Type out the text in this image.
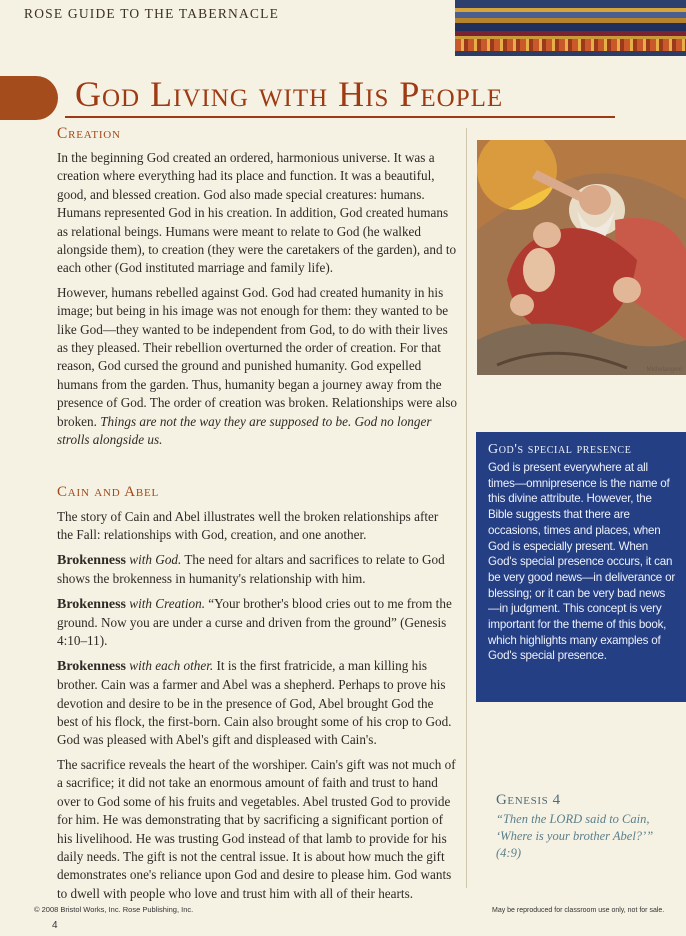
ROSE GUIDE TO THE TABERNACLE
God Living with His People
Creation

In the beginning God created an ordered, harmonious universe. It was a creation where everything had its place and function. It was a beautiful, good, and blessed creation. God also made special creatures: humans. Humans represented God in his creation. In addition, God created humans as relational beings. Humans were meant to relate to God (he walked alongside them), to creation (they were the caretakers of the garden), and to each other (God instituted marriage and family life).

However, humans rebelled against God. God had created humanity in his image; but being in his image was not enough for them: they wanted to be like God—they wanted to be independent from God, to do with their lives as they pleased. Their rebellion overturned the order of creation. For that reason, God cursed the ground and punished humanity. God expelled humans from the garden. Thus, humanity began a journey away from the presence of God. The order of creation was broken. Relationships were also broken. Things are not the way they are supposed to be. God no longer strolls alongside us.

Cain and Abel

The story of Cain and Abel illustrates well the broken relationships after the Fall: relationships with God, creation, and one another.

Brokenness with God. The need for altars and sacrifices to relate to God shows the brokenness in humanity's relationship with him.

Brokenness with Creation. “Your brother's blood cries out to me from the ground. Now you are under a curse and driven from the ground” (Genesis 4:10–11).

Brokenness with each other. It is the first fratricide, a man killing his brother. Cain was a farmer and Abel was a shepherd. Perhaps to prove his devotion and desire to be in the presence of God, Abel brought God the best of his flock, the first-born. Cain also brought some of his crop to God. God was pleased with Abel's gift and displeased with Cain's.

The sacrifice reveals the heart of the worshiper. Cain's gift was not much of a sacrifice; it did not take an enormous amount of faith and trust to hand over to God some of his fruits and vegetables. Abel trusted God to provide for him. He was demonstrating that by sacrificing a significant portion of his livelihood. He was trusting God instead of that lamb to provide for his daily needs. The gift is not the central issue. It is about how much the gift demonstrates one's reliance upon God and desire to please him. God wants to dwell with people who love and trust him with all of their hearts.

Michelangelo
God's special presence
God is present everywhere at all times—omnipresence is the name of this divine attribute. However, the Bible suggests that there are occasions, times and places, when God is especially present. When God's special presence occurs, it can be very good news—in deliverance or blessing; or it can be very bad news—in judgment. This concept is very important for the theme of this book, which highlights many examples of God's special presence.
Genesis 4
“Then the LORD said to Cain, ‘Where is your brother Abel?’”
(4:9)
© 2008 Bristol Works, Inc. Rose Publishing, Inc.
4
May be reproduced for classroom use only, not for sale.
